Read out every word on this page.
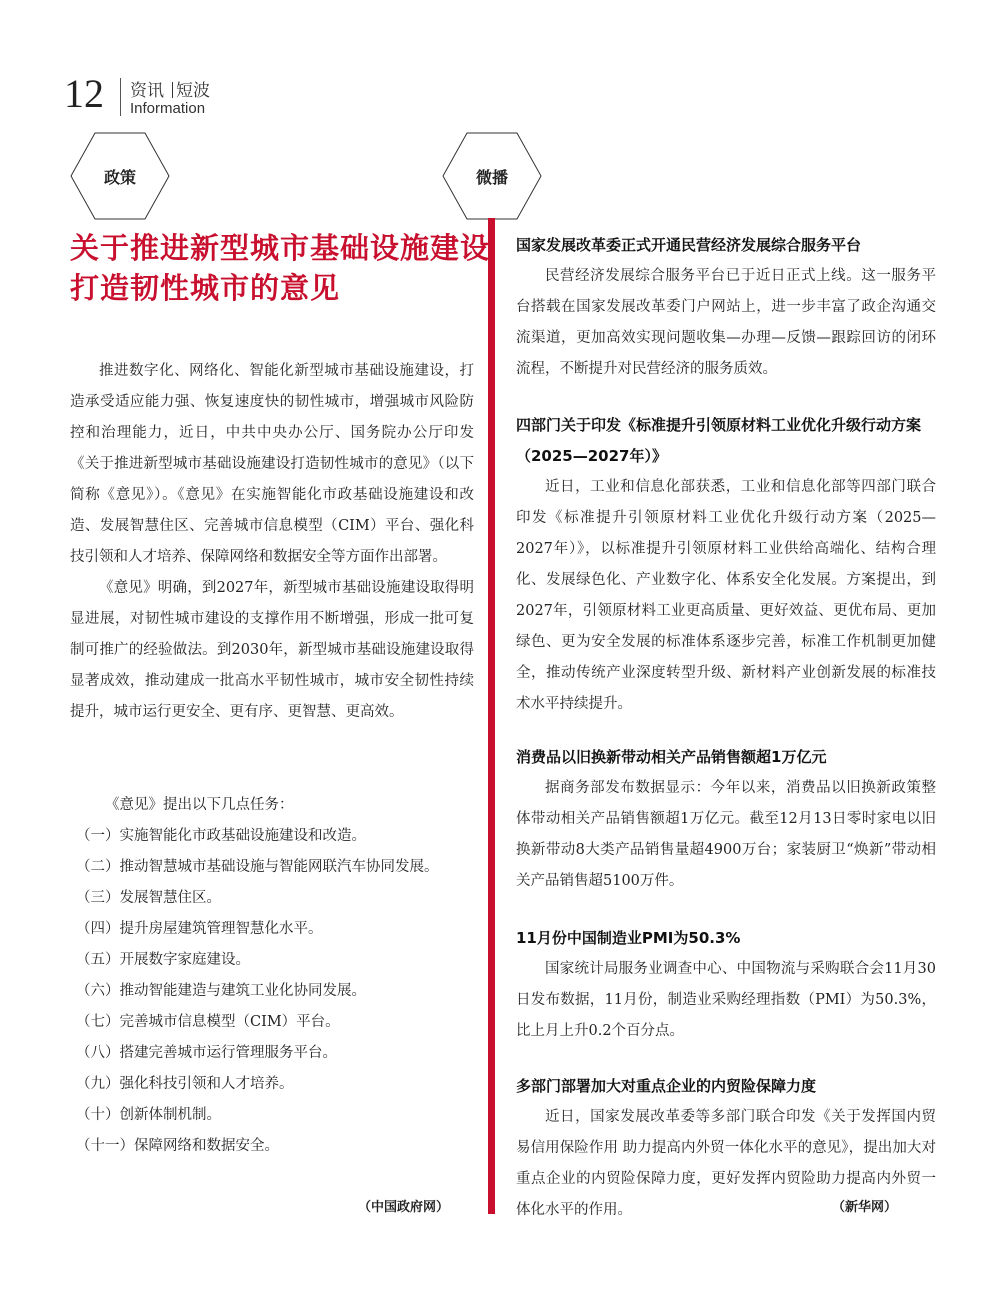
12 资讯 短波
Information
政策	微播
关于推进新型城市基础设施建设
打造韧性城市的意见

推进数字化、网络化、智能化新型城市基础设施建设，打造承受适应能力强、恢复速度快的韧性城市，增强城市风险防控和治理能力，近日，中共中央办公厅、国务院办公厅印发《关于推进新型城市基础设施建设打造韧性城市的意见》（以下简称《意见》）。《意见》在实施智能化市政基础设施建设和改造、发展智慧住区、完善城市信息模型（CIM）平台、强化科技引领和人才培养、保障网络和数据安全等方面作出部署。

《意见》明确，到2027年，新型城市基础设施建设取得明显进展，对韧性城市建设的支撑作用不断增强，形成一批可复制可推广的经验做法。到2030年，新型城市基础设施建设取得显著成效，推动建成一批高水平韧性城市，城市安全韧性持续提升，城市运行更安全、更有序、更智慧、更高效。

《意见》提出以下几点任务：

（一）实施智能化市政基础设施建设和改造。
（二）推动智慧城市基础设施与智能网联汽车协同发展。
（三）发展智慧住区。
（四）提升房屋建筑管理智慧化水平。
（五）开展数字家庭建设。
（六）推动智能建造与建筑工业化协同发展。
（七）完善城市信息模型（CIM）平台。
（八）搭建完善城市运行管理服务平台。
（九）强化科技引领和人才培养。
（十）创新体制机制。
（十一）保障网络和数据安全。
（中国政府网）
国家发展改革委正式开通民营经济发展综合服务平台

民营经济发展综合服务平台已于近日正式上线。这一服务平台搭载在国家发展改革委门户网站上，进一步丰富了政企沟通交流渠道，更加高效实现问题收集—办理—反馈—跟踪回访的闭环流程，不断提升对民营经济的服务质效。

四部门关于印发《标准提升引领原材料工业优化升级行动方案（2025—2027年）》

近日，工业和信息化部获悉，工业和信息化部等四部门联合印发《标准提升引领原材料工业优化升级行动方案（2025—2027年）》，以标准提升引领原材料工业供给高端化、结构合理化、发展绿色化、产业数字化、体系安全化发展。方案提出，到2027年，引领原材料工业更高质量、更好效益、更优布局、更加绿色、更为安全发展的标准体系逐步完善，标准工作机制更加健全，推动传统产业深度转型升级、新材料产业创新发展的标准技术水平持续提升。

消费品以旧换新带动相关产品销售额超1万亿元

据商务部发布数据显示：今年以来，消费品以旧换新政策整体带动相关产品销售额超1万亿元。截至12月13日零时家电以旧换新带动8大类产品销售量超4900万台；家装厨卫“焕新”带动相关产品销售超5100万件。

11月份中国制造业PMI为50.3%

国家统计局服务业调查中心、中国物流与采购联合会11月30日发布数据，11月份，制造业采购经理指数（PMI）为50.3%，比上月上升0.2个百分点。

多部门部署加大对重点企业的内贸险保障力度

近日，国家发展改革委等多部门联合印发《关于发挥国内贸易信用保险作用 助力提高内外贸一体化水平的意见》，提出加大对重点企业的内贸险保障力度，更好发挥内贸险助力提高内外贸一体化水平的作用。	（新华网）
